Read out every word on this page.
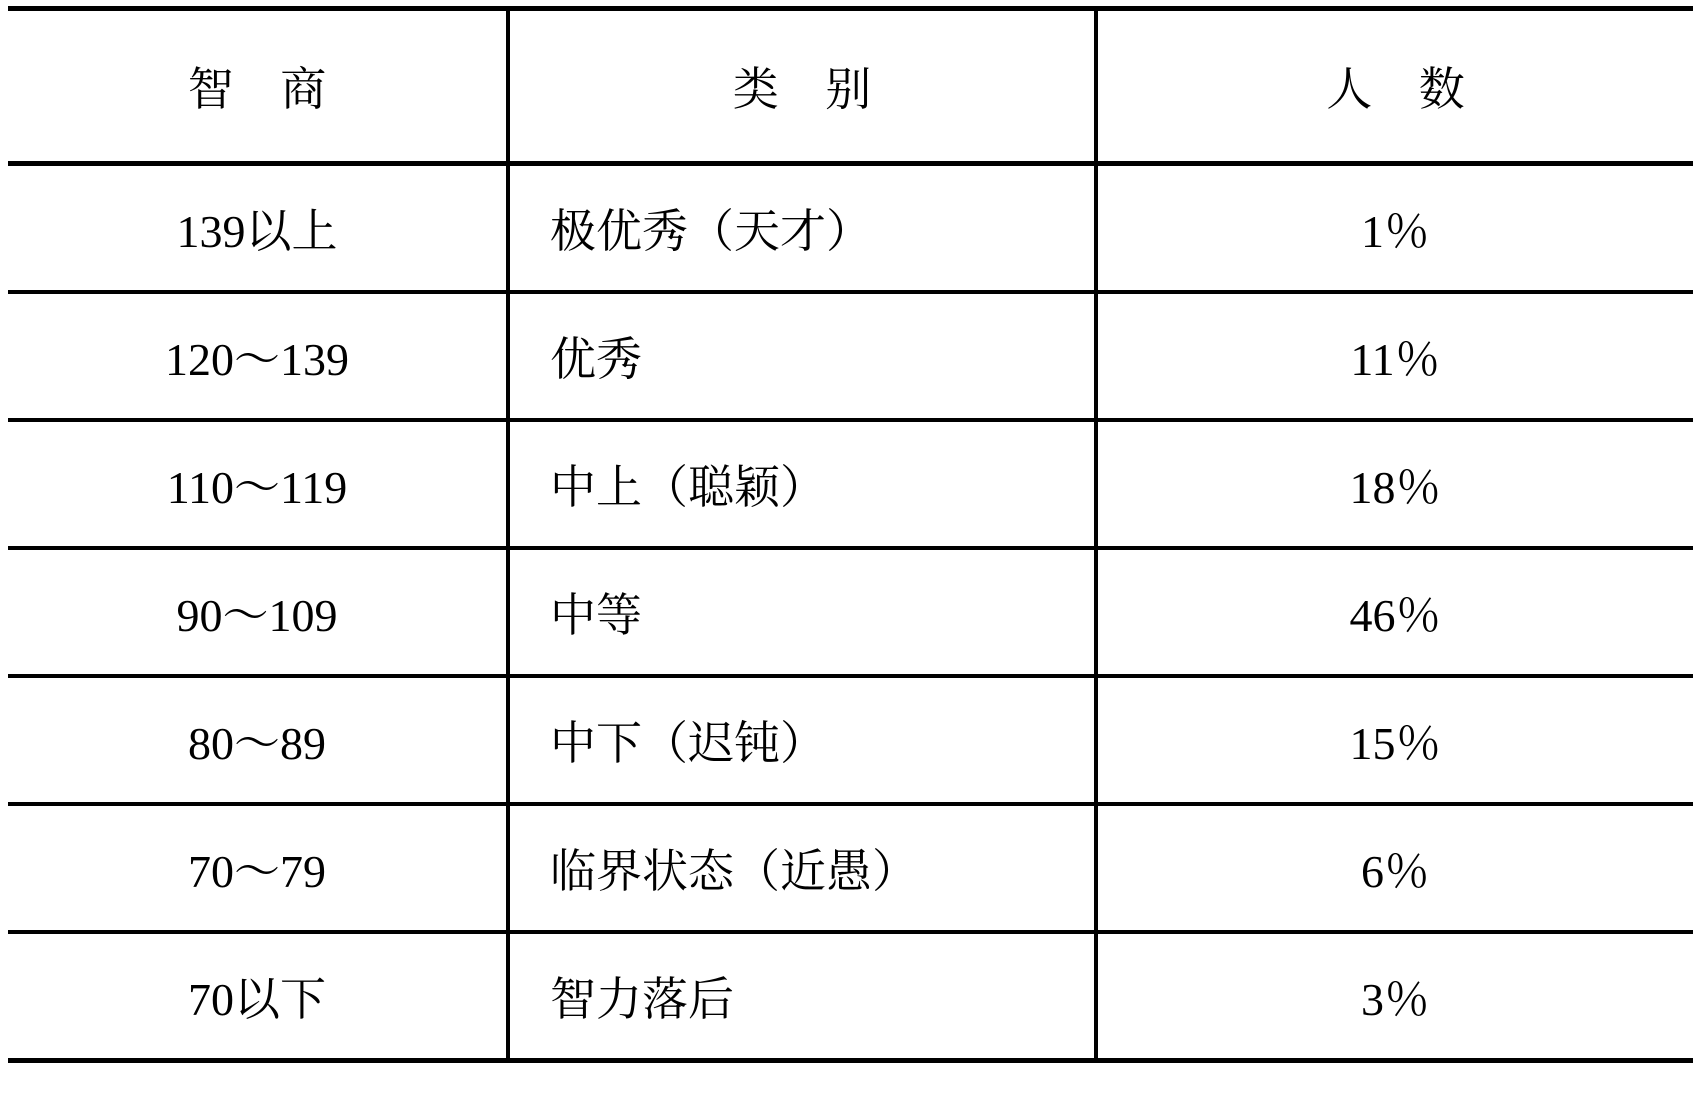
智 商	类 别	人 数
139以上	极优秀（天才）	1％
120～139	优秀	11％
110～119	中上（聪颖）	18％
90～109	中等	46％
80～89	中下（迟钝）	15％
70～79	临界状态（近愚）	6％
70以下	智力落后	3％
